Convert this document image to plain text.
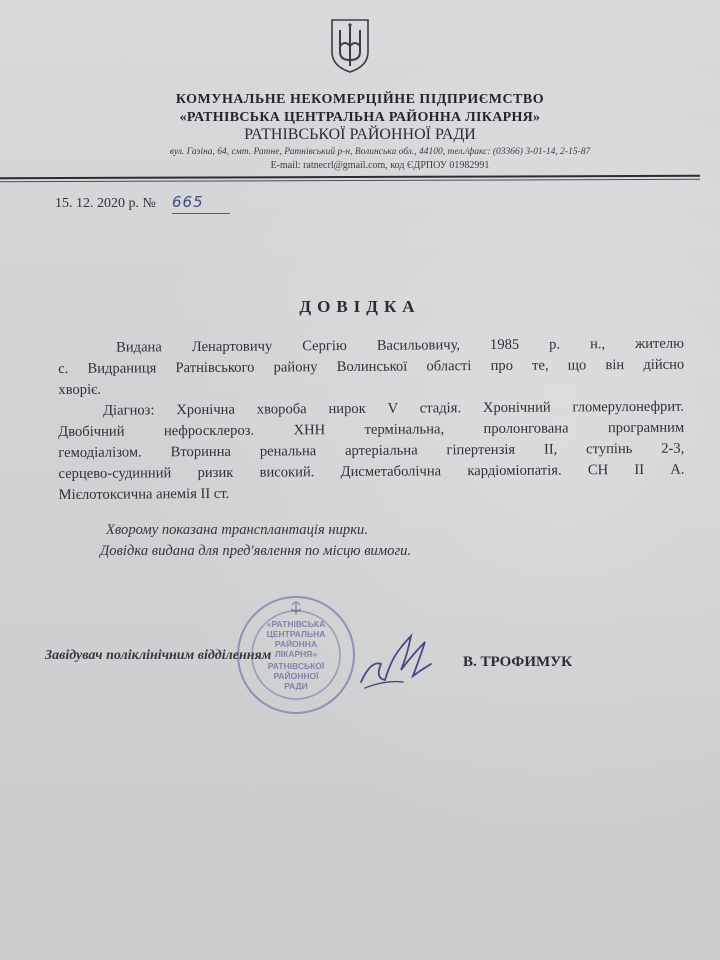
КОМУНАЛЬНЕ НЕКОМЕРЦІЙНЕ ПІДПРИЄМСТВО
«РАТНІВСЬКА ЦЕНТРАЛЬНА РАЙОННА ЛІКАРНЯ»
РАТНІВСЬКОЇ РАЙОННОЇ РАДИ
вул. Газіна, 64, смт. Ратне, Ратнівський р-н, Волинська обл., 44100, тел./факс: (03366) 3-01-14, 2-15-87
E-mail: ratnecrl@gmail.com, код ЄДРПОУ 01982991
15. 12. 2020 р. № 665
ДОВІДКА
Видана Ленартовичу Сергію Васильовичу, 1985 р. н., жителю
с. Видраниця Ратнівського району Волинської області про те, що він дійсно
хворіє.
Діагноз: Хронічна хвороба нирок V стадія. Хронічний гломерулонефрит.
Двобічний нефросклероз. ХНН термінальна, пролонгована програмним
гемодіалізом. Вторинна ренальна артеріальна гіпертензія ІІ, ступінь 2-3,
серцево-судинний ризик високий. Дисметаболічна кардіоміопатія. СН ІІ А.
Мієлотоксична анемія ІІ ст.
Хворому показана трансплантація нирки.
Довідка видана для пред'явлення по місцю вимоги.
Завідувач поліклінічним відділенням
«РАТНІВСЬКА
ЦЕНТРАЛЬНА
РАЙОННА
ЛІКАРНЯ»
РАТНІВСЬКОЇ
РАЙОННОЇ
РАДИ
В. ТРОФИМУК
